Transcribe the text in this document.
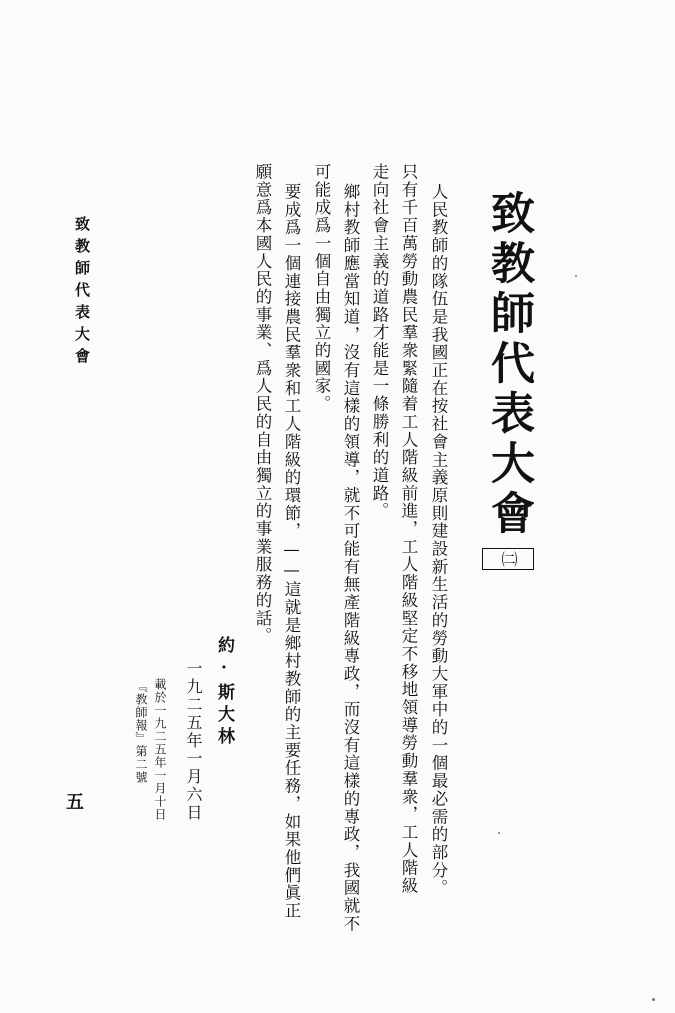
致教師代表大會㈡

人民教師的隊伍是我國正在按社會主義原則建設新生活的勞動大軍中的一個最必需的部分。

只有千百萬勞動農民羣衆緊隨着工人階級前進，工人階級堅定不移地領導勞動羣衆，工人階級

走向社會主義的道路才能是一條勝利的道路。

鄉村教師應當知道，沒有這樣的領導，就不可能有無產階級專政，而沒有這樣的專政，我國就不

可能成爲一個自由獨立的國家。

要成爲一個連接農民羣衆和工人階級的環節，——這就是鄉村教師的主要任務，如果他們眞正

願意爲本國人民的事業、爲人民的自由獨立的事業服務的話。

約·斯大林
一九二五年一月六日
載於一九二五年一月十日
『教師報』第二號
致教師代表大會
五
